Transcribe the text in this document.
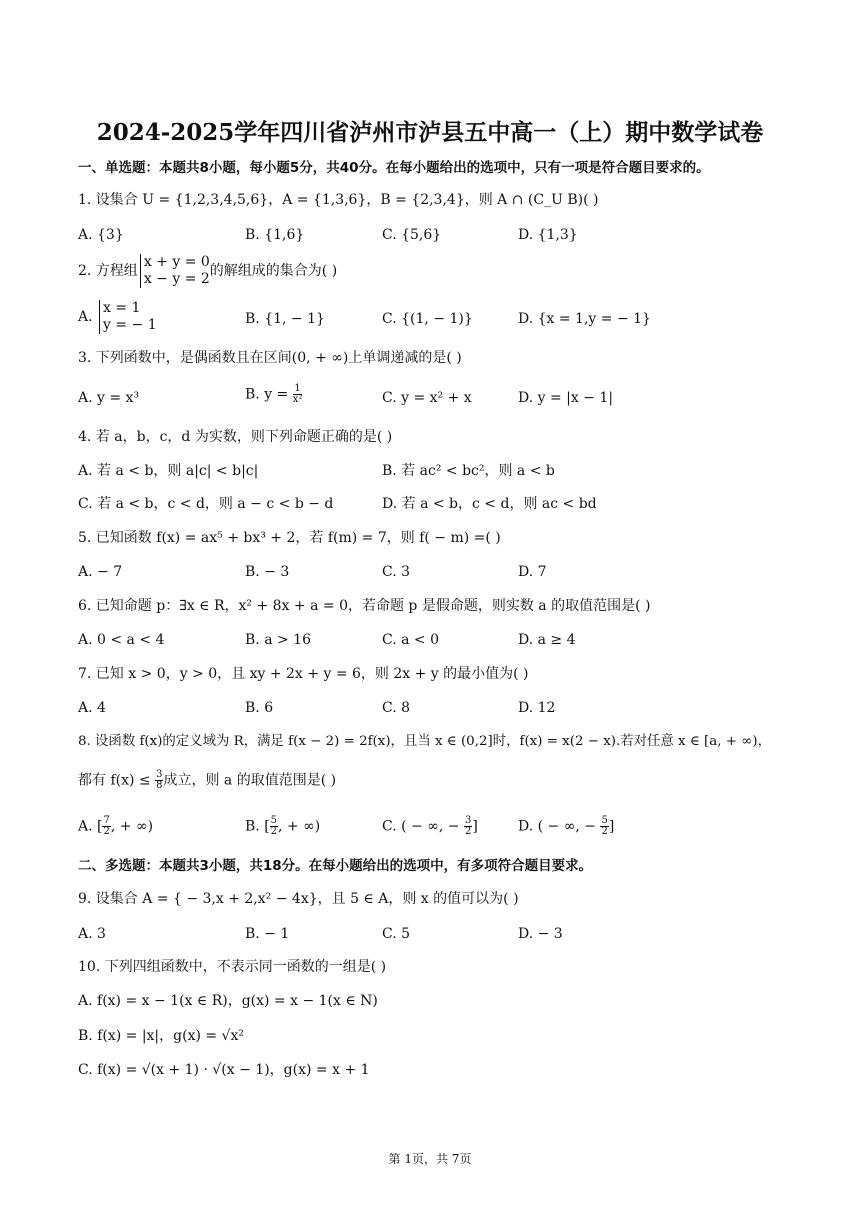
2024-2025学年四川省泸州市泸县五中高一（上）期中数学试卷
一、单选题：本题共8小题，每小题5分，共40分。在每小题给出的选项中，只有一项是符合题目要求的。
1. 设集合 U = {1,2,3,4,5,6}，A = {1,3,6}，B = {2,3,4}，则 A ∩ (C_U B)( )
A. {3}	B. {1,6}	C. {5,6}	D. {1,3}
2. 方程组
x + y = 0
x − y = 2 的解组成的集合为( )
A.
x = 1
y = − 1	B. {1, − 1}	C. {(1, − 1)}	D. {x = 1,y = − 1}
3. 下列函数中，是偶函数且在区间(0, + ∞)上单调递减的是( )
A. y = x³	B. $y = \frac{1}{\text{x²}}$	C. y = x² + x	D. y = |x − 1|
4. 若 a，b，c，d 为实数，则下列命题正确的是( )
A. 若 a < b，则 a|c| < b|c|	B. 若 ac² < bc²，则 a < b
C. 若 a < b，c < d，则 a − c < b − d	D. 若 a < b，c < d，则 ac < bd
5. 已知函数 f(x) = ax⁵ + bx³ + 2，若 f(m) = 7，则 f( − m) =( )
A. − 7	B. − 3	C. 3	D. 7
6. 已知命题 p：∃x ∈ R，x² + 8x + a = 0，若命题 p 是假命题，则实数 a 的取值范围是( )
A. 0 < a < 4	B. a > 16	C. a < 0	D. a ≥ 4
7. 已知 x > 0，y > 0，且 xy + 2x + y = 6，则 2x + y 的最小值为( )
A. 4	B. 6	C. 8	D. 12
8. 设函数 f(x)的定义域为 R，满足 f(x − 2) = 2f(x)，且当 x ∈ (0,2]时，f(x) = x(2 − x).若对任意 x ∈ [a, + ∞)，
都有 $f(x) \le \frac{3}{8}$ 成立，则 a 的取值范围是( )
A. [ $\frac{7}{2}$ , + ∞)	B. [ $\frac{5}{2}$ , + ∞)	C. ( − ∞, − $\frac{3}{2}$ ]	D. ( − ∞, − $\frac{5}{2}$ ]
二、多选题：本题共3小题，共18分。在每小题给出的选项中，有多项符合题目要求。
9. 设集合 A = { − 3,x + 2,x² − 4x}，且 5 ∈ A，则 x 的值可以为( )
A. 3	B. − 1	C. 5	D. − 3
10. 下列四组函数中，不表示同一函数的一组是( )
A. f(x) = x − 1(x ∈ R)，g(x) = x − 1(x ∈ N)
B. f(x) = |x|，g(x) = √x²
C. f(x) = √(x + 1) · √(x − 1)，g(x) = x + 1
第 1页，共 7页
